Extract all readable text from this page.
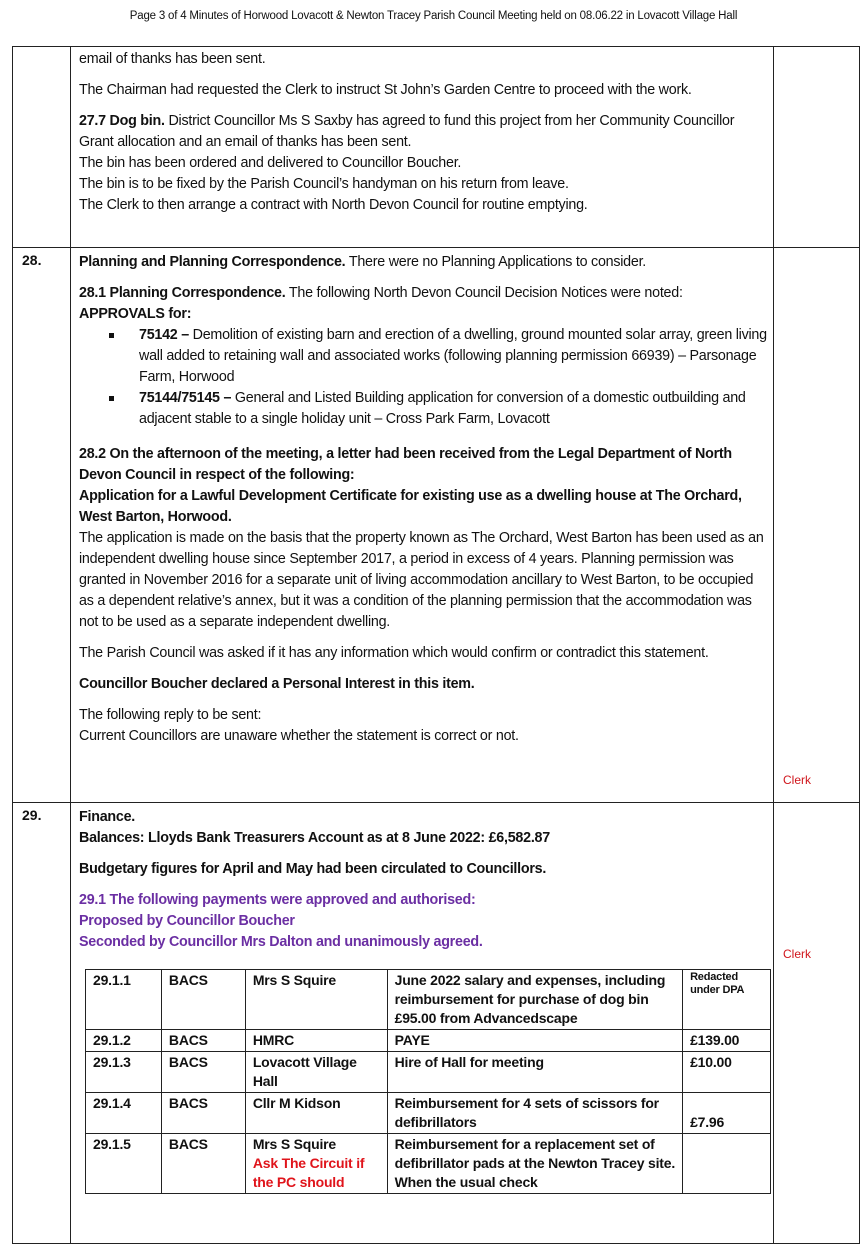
Page 3 of 4 Minutes of Horwood Lovacott & Newton Tracey Parish Council Meeting held on 08.06.22 in Lovacott Village Hall

email of thanks has been sent.

The Chairman had requested the Clerk to instruct St John’s Garden Centre to proceed with the work.

27.7 Dog bin. District Councillor Ms S Saxby has agreed to fund this project from her Community Councillor Grant allocation and an email of thanks has been sent.

The bin has been ordered and delivered to Councillor Boucher.

The bin is to be fixed by the Parish Council’s handyman on his return from leave.

The Clerk to then arrange a contract with North Devon Council for routine emptying.

28.	Planning and Planning Correspondence. There were no Planning Applications to consider.

28.1 Planning Correspondence. The following North Devon Council Decision Notices were noted:

APPROVALS for:

75142 – Demolition of existing barn and erection of a dwelling, ground mounted solar array, green living wall added to retaining wall and associated works (following planning permission 66939) – Parsonage Farm, Horwood
75144/75145 – General and Listed Building application for conversion of a domestic outbuilding and adjacent stable to a single holiday unit – Cross Park Farm, Lovacott

28.2 On the afternoon of the meeting, a letter had been received from the Legal Department of North Devon Council in respect of the following:

Application for a Lawful Development Certificate for existing use as a dwelling house at The Orchard, West Barton, Horwood.

The application is made on the basis that the property known as The Orchard, West Barton has been used as an independent dwelling house since September 2017, a period in excess of 4 years. Planning permission was granted in November 2016 for a separate unit of living accommodation ancillary to West Barton, to be occupied as a dependent relative’s annex, but it was a condition of the planning permission that the accommodation was not to be used as a separate independent dwelling.

The Parish Council was asked if it has any information which would confirm or contradict this statement.

Councillor Boucher declared a Personal Interest in this item.

The following reply to be sent:

Current Councillors are unaware whether the statement is correct or not.

Clerk
29.	Finance.

Balances: Lloyds Bank Treasurers Account as at 8 June 2022: £6,582.87

Budgetary figures for April and May had been circulated to Councillors.

29.1 The following payments were approved and authorised:

Proposed by Councillor Boucher

Seconded by Councillor Mrs Dalton and unanimously agreed.

29.1.1	BACS	Mrs S Squire	June 2022 salary and expenses, including reimbursement for purchase of dog bin £95.00 from Advancedscape	Redacted under DPA
29.1.2	BACS	HMRC	PAYE	£139.00
29.1.3	BACS	Lovacott Village Hall	Hire of Hall for meeting	£10.00
29.1.4	BACS	Cllr M Kidson	Reimbursement for 4 sets of scissors for defibrillators	£7.96
29.1.5	BACS	Mrs S Squire
Ask The Circuit if the PC should	Reimbursement for a replacement set of defibrillator pads at the Newton Tracey site. When the usual check	
Clerk
